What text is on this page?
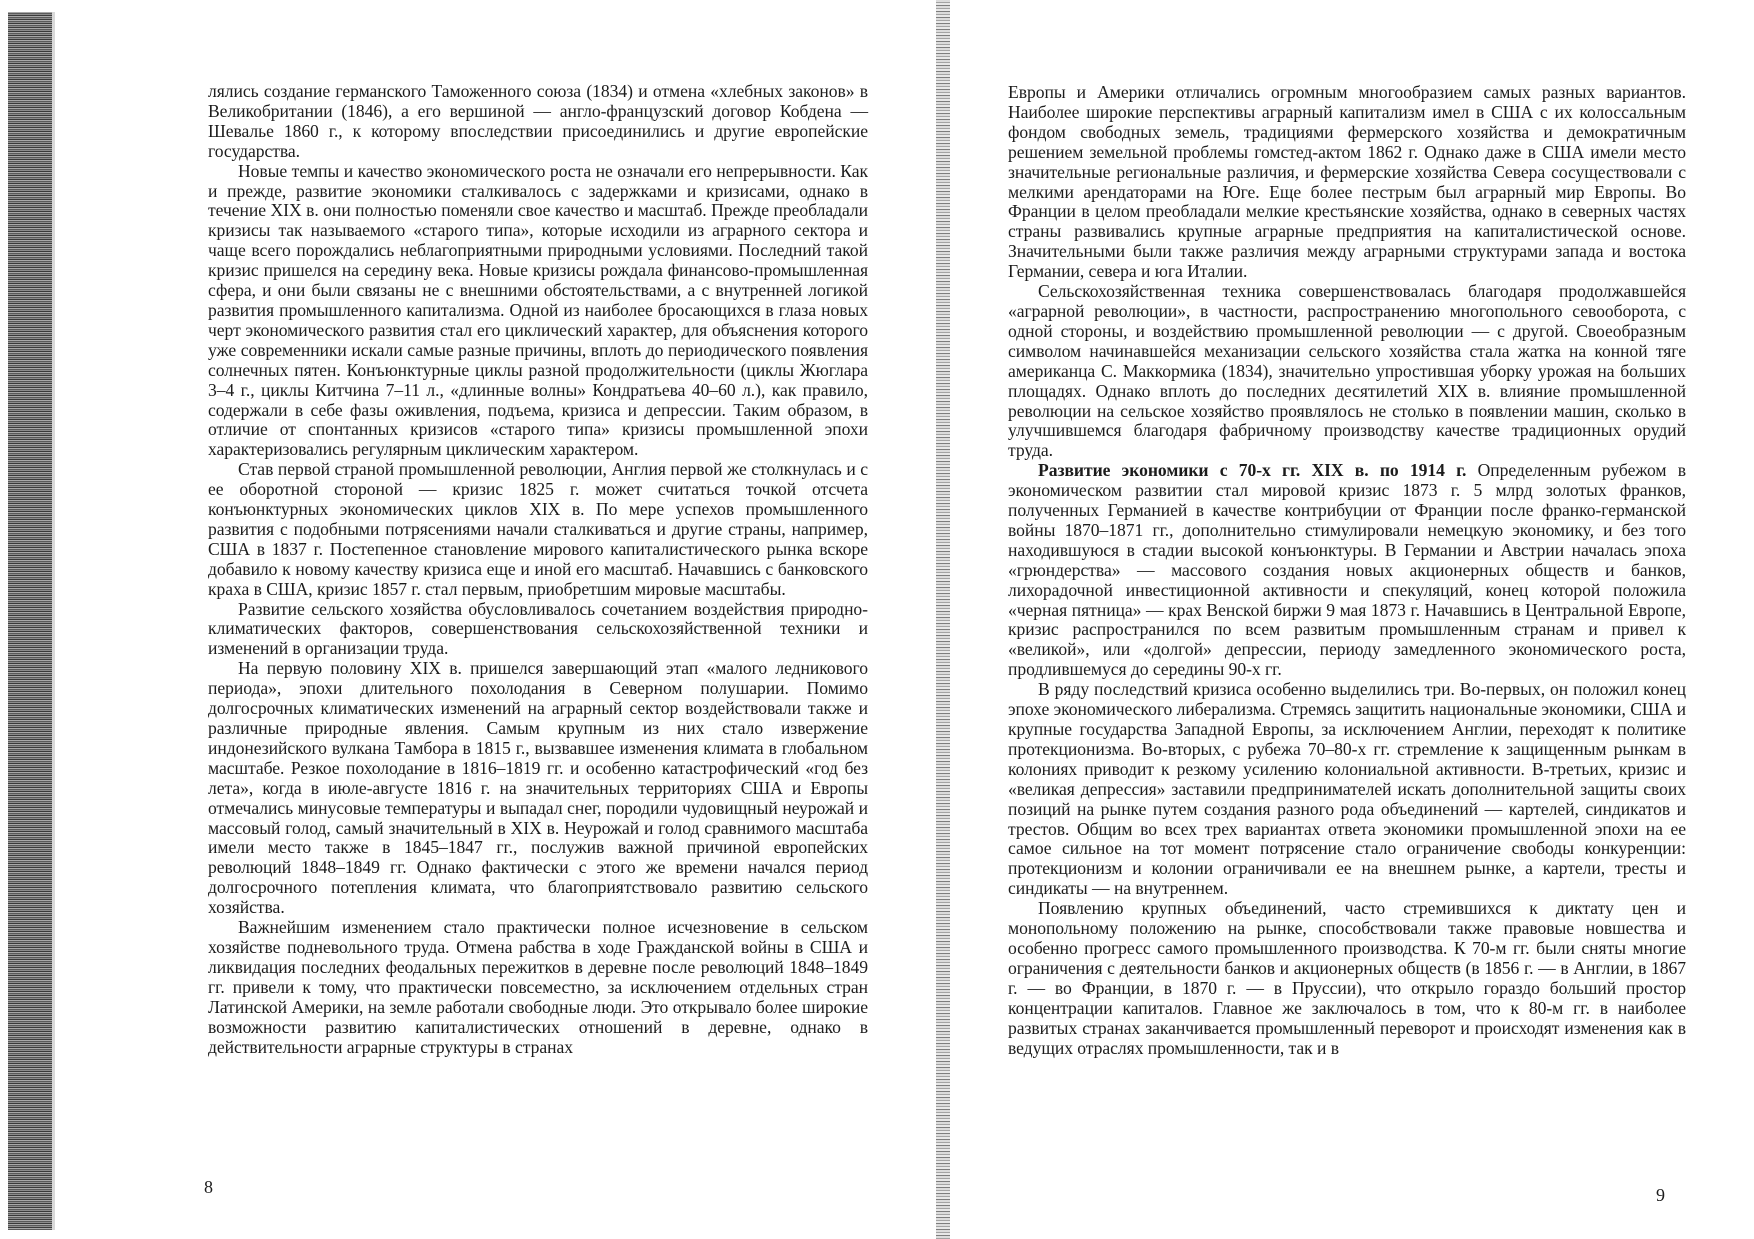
лялись создание германского Таможенного союза (1834) и отмена «хлебных законов» в Великобритании (1846), а его вершиной — англо-французский договор Кобдена — Шевалье 1860 г., к которому впоследствии присоединились и другие европейские государства.

Новые темпы и качество экономического роста не означали его непрерывности. Как и прежде, развитие экономики сталкивалось с задержками и кризисами, однако в течение XIX в. они полностью поменяли свое качество и масштаб. Прежде преобладали кризисы так называемого «старого типа», которые исходили из аграрного сектора и чаще всего порождались неблагоприятными природными условиями. Последний такой кризис пришелся на середину века. Новые кризисы рождала финансово-промышленная сфера, и они были связаны не с внешними обстоятельствами, а с внутренней логикой развития промышленного капитализма. Одной из наиболее бросающихся в глаза новых черт экономического развития стал его циклический характер, для объяснения которого уже современники искали самые разные причины, вплоть до периодического появления солнечных пятен. Конъюнктурные циклы разной продолжительности (циклы Жюглара 3–4 г., циклы Китчина 7–11 л., «длинные волны» Кондратьева 40–60 л.), как правило, содержали в себе фазы оживления, подъема, кризиса и депрессии. Таким образом, в отличие от спонтанных кризисов «старого типа» кризисы промышленной эпохи характеризовались регулярным циклическим характером.

Став первой страной промышленной революции, Англия первой же столкнулась и с ее оборотной стороной — кризис 1825 г. может считаться точкой отсчета конъюнктурных экономических циклов XIX в. По мере успехов промышленного развития с подобными потрясениями начали сталкиваться и другие страны, например, США в 1837 г. Постепенное становление мирового капиталистического рынка вскоре добавило к новому качеству кризиса еще и иной его масштаб. Начавшись с банковского краха в США, кризис 1857 г. стал первым, приобретшим мировые масштабы.

Развитие сельского хозяйства обусловливалось сочетанием воздействия природно-климатических факторов, совершенствования сельскохозяйственной техники и изменений в организации труда.

На первую половину XIX в. пришелся завершающий этап «малого ледникового периода», эпохи длительного похолодания в Северном полушарии. Помимо долгосрочных климатических изменений на аграрный сектор воздействовали также и различные природные явления. Самым крупным из них стало извержение индонезийского вулкана Тамбора в 1815 г., вызвавшее изменения климата в глобальном масштабе. Резкое похолодание в 1816–1819 гг. и особенно катастрофический «год без лета», когда в июле-августе 1816 г. на значительных территориях США и Европы отмечались минусовые температуры и выпадал снег, породили чудовищный неурожай и массовый голод, самый значительный в XIX в. Неурожай и голод сравнимого масштаба имели место также в 1845–1847 гг., послужив важной причиной европейских революций 1848–1849 гг. Однако фактически с этого же времени начался период долгосрочного потепления климата, что благоприятствовало развитию сельского хозяйства.

Важнейшим изменением стало практически полное исчезновение в сельском хозяйстве подневольного труда. Отмена рабства в ходе Гражданской войны в США и ликвидация последних феодальных пережитков в деревне после революций 1848–1849 гг. привели к тому, что практически повсеместно, за исключением отдельных стран Латинской Америки, на земле работали свободные люди. Это открывало более широкие возможности развитию капиталистических отношений в деревне, однако в действительности аграрные структуры в странах

8

Европы и Америки отличались огромным многообразием самых разных вариантов. Наиболее широкие перспективы аграрный капитализм имел в США с их колоссальным фондом свободных земель, традициями фермерского хозяйства и демократичным решением земельной проблемы гомстед-актом 1862 г. Однако даже в США имели место значительные региональные различия, и фермерские хозяйства Севера сосуществовали с мелкими арендаторами на Юге. Еще более пестрым был аграрный мир Европы. Во Франции в целом преобладали мелкие крестьянские хозяйства, однако в северных частях страны развивались крупные аграрные предприятия на капиталистической основе. Значительными были также различия между аграрными структурами запада и востока Германии, севера и юга Италии.

Сельскохозяйственная техника совершенствовалась благодаря продолжавшейся «аграрной революции», в частности, распространению многопольного севооборота, с одной стороны, и воздействию промышленной революции — с другой. Своеобразным символом начинавшейся механизации сельского хозяйства стала жатка на конной тяге американца С. Маккормика (1834), значительно упростившая уборку урожая на больших площадях. Однако вплоть до последних десятилетий XIX в. влияние промышленной революции на сельское хозяйство проявлялось не столько в появлении машин, сколько в улучшившемся благодаря фабричному производству качестве традиционных орудий труда.

Развитие экономики с 70-х гг. XIX в. по 1914 г. Определенным рубежом в экономическом развитии стал мировой кризис 1873 г. 5 млрд золотых франков, полученных Германией в качестве контрибуции от Франции после франко-германской войны 1870–1871 гг., дополнительно стимулировали немецкую экономику, и без того находившуюся в стадии высокой конъюнктуры. В Германии и Австрии началась эпоха «грюндерства» — массового создания новых акционерных обществ и банков, лихорадочной инвестиционной активности и спекуляций, конец которой положила «черная пятница» — крах Венской биржи 9 мая 1873 г. Начавшись в Центральной Европе, кризис распространился по всем развитым промышленным странам и привел к «великой», или «долгой» депрессии, периоду замедленного экономического роста, продлившемуся до середины 90-х гг.

В ряду последствий кризиса особенно выделились три. Во-первых, он положил конец эпохе экономического либерализма. Стремясь защитить национальные экономики, США и крупные государства Западной Европы, за исключением Англии, переходят к политике протекционизма. Во-вторых, с рубежа 70–80-х гг. стремление к защищенным рынкам в колониях приводит к резкому усилению колониальной активности. В-третьих, кризис и «великая депрессия» заставили предпринимателей искать дополнительной защиты своих позиций на рынке путем создания разного рода объединений — картелей, синдикатов и трестов. Общим во всех трех вариантах ответа экономики промышленной эпохи на ее самое сильное на тот момент потрясение стало ограничение свободы конкуренции: протекционизм и колонии ограничивали ее на внешнем рынке, а картели, тресты и синдикаты — на внутреннем.

Появлению крупных объединений, часто стремившихся к диктату цен и монопольному положению на рынке, способствовали также правовые новшества и особенно прогресс самого промышленного производства. К 70-м гг. были сняты многие ограничения с деятельности банков и акционерных обществ (в 1856 г. — в Англии, в 1867 г. — во Франции, в 1870 г. — в Пруссии), что открыло гораздо больший простор концентрации капиталов. Главное же заключалось в том, что к 80-м гг. в наиболее развитых странах заканчивается промышленный переворот и происходят изменения как в ведущих отраслях промышленности, так и в

9
